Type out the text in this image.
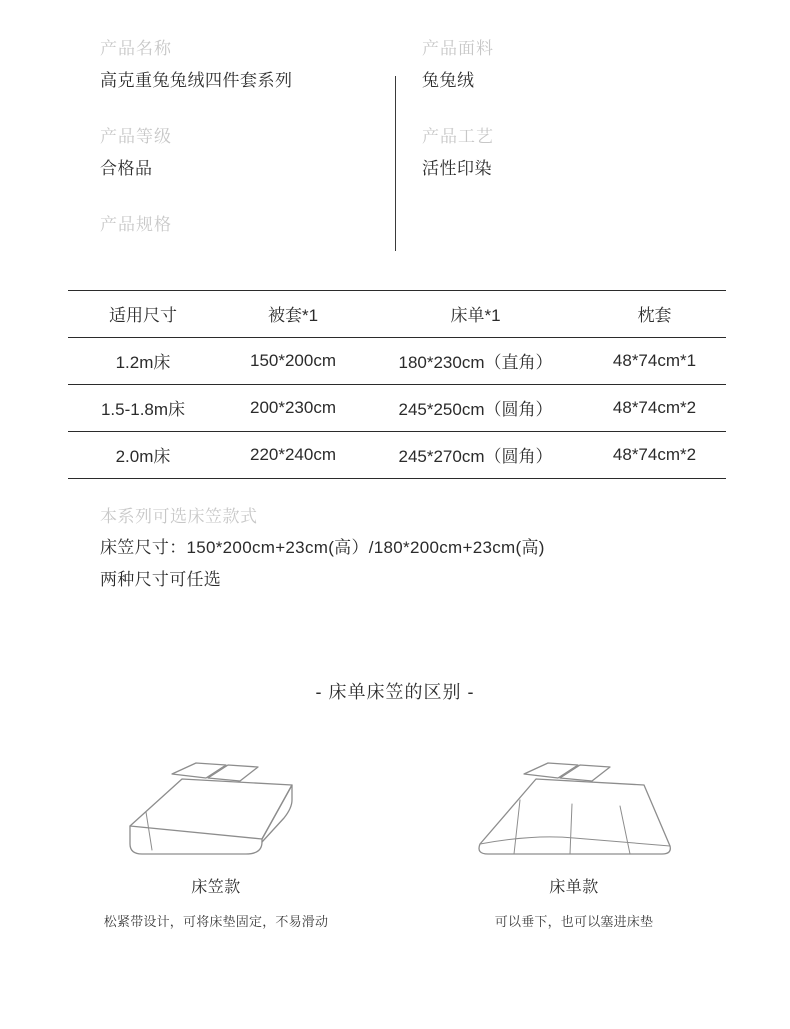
产品名称
高克重兔兔绒四件套系列
产品等级
合格品
产品规格
产品面料
兔兔绒
产品工艺
活性印染
适用尺寸	被套*1	床单*1	枕套
1.2m床	150*200cm	180*230cm（直角）	48*74cm*1
1.5-1.8m床	200*230cm	245*250cm（圆角）	48*74cm*2
2.0m床	220*240cm	245*270cm（圆角）	48*74cm*2
本系列可选床笠款式
床笠尺寸：150*200cm+23cm(高）/180*200cm+23cm(高)
两种尺寸可任选
- 床单床笠的区别 -
床笠款
松紧带设计，可将床垫固定，不易滑动
床单款
可以垂下，也可以塞进床垫
